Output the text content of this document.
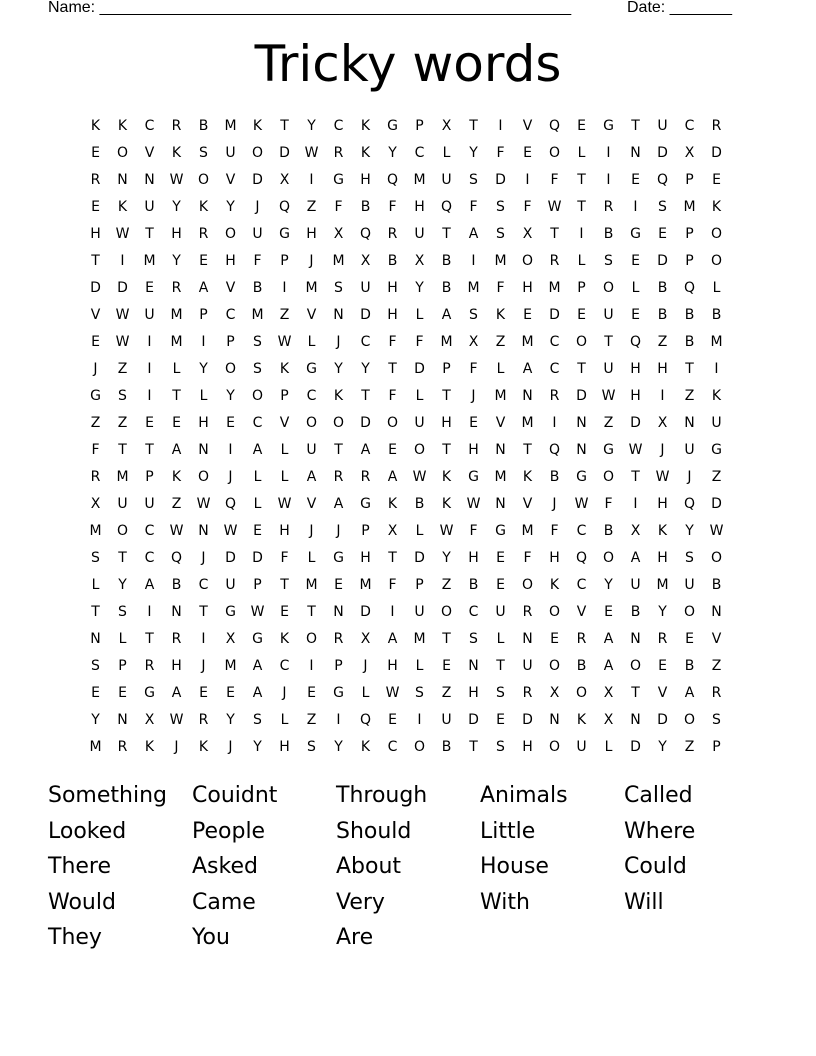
Name: _____________________________________________________	Date: _______
Tricky words
K	K	C	R	B	M	K	T	Y	C	K	G	P	X	T	I	V	Q	E	G	T	U	C	R
E	O	V	K	S	U	O	D	W	R	K	Y	C	L	Y	F	E	O	L	I	N	D	X	D
R	N	N	W	O	V	D	X	I	G	H	Q	M	U	S	D	I	F	T	I	E	Q	P	E
E	K	U	Y	K	Y	J	Q	Z	F	B	F	H	Q	F	S	F	W	T	R	I	S	M	K
H	W	T	H	R	O	U	G	H	X	Q	R	U	T	A	S	X	T	I	B	G	E	P	O
T	I	M	Y	E	H	F	P	J	M	X	B	X	B	I	M	O	R	L	S	E	D	P	O
D	D	E	R	A	V	B	I	M	S	U	H	Y	B	M	F	H	M	P	O	L	B	Q	L
V	W	U	M	P	C	M	Z	V	N	D	H	L	A	S	K	E	D	E	U	E	B	B	B
E	W	I	M	I	P	S	W	L	J	C	F	F	M	X	Z	M	C	O	T	Q	Z	B	M
J	Z	I	L	Y	O	S	K	G	Y	Y	T	D	P	F	L	A	C	T	U	H	H	T	I
G	S	I	T	L	Y	O	P	C	K	T	F	L	T	J	M	N	R	D	W	H	I	Z	K
Z	Z	E	E	H	E	C	V	O	O	D	O	U	H	E	V	M	I	N	Z	D	X	N	U
F	T	T	A	N	I	A	L	U	T	A	E	O	T	H	N	T	Q	N	G	W	J	U	G
R	M	P	K	O	J	L	L	A	R	R	A	W	K	G	M	K	B	G	O	T	W	J	Z
X	U	U	Z	W	Q	L	W	V	A	G	K	B	K	W	N	V	J	W	F	I	H	Q	D
M	O	C	W	N	W	E	H	J	J	P	X	L	W	F	G	M	F	C	B	X	K	Y	W
S	T	C	Q	J	D	D	F	L	G	H	T	D	Y	H	E	F	H	Q	O	A	H	S	O
L	Y	A	B	C	U	P	T	M	E	M	F	P	Z	B	E	O	K	C	Y	U	M	U	B
T	S	I	N	T	G	W	E	T	N	D	I	U	O	C	U	R	O	V	E	B	Y	O	N
N	L	T	R	I	X	G	K	O	R	X	A	M	T	S	L	N	E	R	A	N	R	E	V
S	P	R	H	J	M	A	C	I	P	J	H	L	E	N	T	U	O	B	A	O	E	B	Z
E	E	G	A	E	E	A	J	E	G	L	W	S	Z	H	S	R	X	O	X	T	V	A	R
Y	N	X	W	R	Y	S	L	Z	I	Q	E	I	U	D	E	D	N	K	X	N	D	O	S
M	R	K	J	K	J	Y	H	S	Y	K	C	O	B	T	S	H	O	U	L	D	Y	Z	P
Something	Couidnt	Through	Animals	Called
Looked	People	Should	Little	Where
There	Asked	About	House	Could
Would	Came	Very	With	Will
They	You	Are
